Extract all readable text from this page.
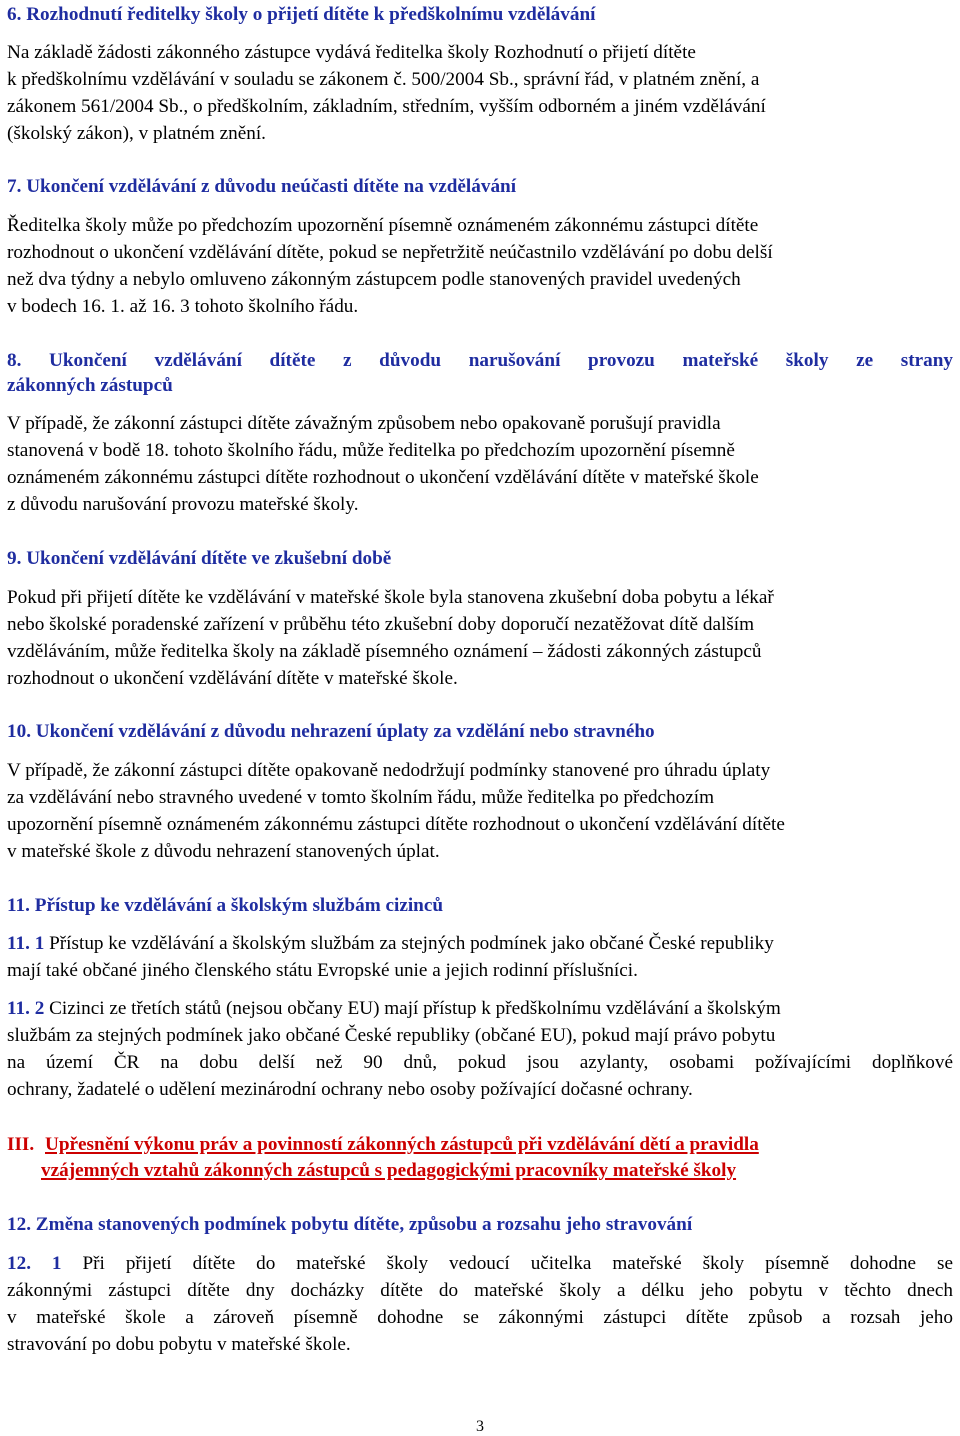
6. Rozhodnutí ředitelky školy o přijetí dítěte k předškolnímu vzdělávání
Na základě žádosti zákonného zástupce vydává ředitelka školy Rozhodnutí o přijetí dítěte
k předškolnímu vzdělávání v souladu se zákonem č. 500/2004 Sb., správní řád, v platném znění, a
zákonem 561/2004 Sb., o předškolním, základním, středním, vyšším odborném a jiném vzdělávání
(školský zákon), v platném znění.
7. Ukončení vzdělávání z důvodu neúčasti dítěte na vzdělávání
Ředitelka školy může po předchozím upozornění písemně oznámeném zákonnému zástupci dítěte
rozhodnout o ukončení vzdělávání dítěte, pokud se nepřetržitě neúčastnilo vzdělávání po dobu delší
než dva týdny a nebylo omluveno zákonným zástupcem podle stanovených pravidel uvedených
v bodech 16. 1. až 16. 3 tohoto školního řádu.
8. Ukončení vzdělávání dítěte z důvodu narušování provozu mateřské školy ze strany
zákonných zástupců
V případě, že zákonní zástupci dítěte závažným způsobem nebo opakovaně porušují pravidla
stanovená v bodě 18. tohoto školního řádu, může ředitelka po předchozím upozornění písemně
oznámeném zákonnému zástupci dítěte rozhodnout o ukončení vzdělávání dítěte v mateřské škole
z důvodu narušování provozu mateřské školy.
9. Ukončení vzdělávání dítěte ve zkušební době
Pokud při přijetí dítěte ke vzdělávání v mateřské škole byla stanovena zkušební doba pobytu a lékař
nebo školské poradenské zařízení v průběhu této zkušební doby doporučí nezatěžovat dítě dalším
vzděláváním, může ředitelka školy na základě písemného oznámení – žádosti zákonných zástupců
rozhodnout o ukončení vzdělávání dítěte v mateřské škole.
10. Ukončení vzdělávání z důvodu nehrazení úplaty za vzdělání nebo stravného
V případě, že zákonní zástupci dítěte opakovaně nedodržují podmínky stanovené pro úhradu úplaty
za vzdělávání nebo stravného uvedené v tomto školním řádu, může ředitelka po předchozím
upozornění písemně oznámeném zákonnému zástupci dítěte rozhodnout o ukončení vzdělávání dítěte
v mateřské škole z důvodu nehrazení stanovených úplat.
11. Přístup ke vzdělávání a školským službám cizinců
11. 1 Přístup ke vzdělávání a školským službám za stejných podmínek jako občané České republiky
mají také občané jiného členského státu Evropské unie a jejich rodinní příslušníci.
11. 2 Cizinci ze třetích států (nejsou občany EU) mají přístup k předškolnímu vzdělávání a školským
službám za stejných podmínek jako občané České republiky (občané EU), pokud mají právo pobytu
na území ČR na dobu delší než 90 dnů, pokud jsou azylanty, osobami požívajícími doplňkové
ochrany, žadatelé o udělení mezinárodní ochrany nebo osoby požívající dočasné ochrany.
III. Upřesnění výkonu práv a povinností zákonných zástupců při vzdělávání dětí a pravidla
vzájemných vztahů zákonných zástupců s pedagogickými pracovníky mateřské školy
12. Změna stanovených podmínek pobytu dítěte, způsobu a rozsahu jeho stravování
12. 1 Při přijetí dítěte do mateřské školy vedoucí učitelka mateřské školy písemně dohodne se
zákonnými zástupci dítěte dny docházky dítěte do mateřské školy a délku jeho pobytu v těchto dnech
v mateřské škole a zároveň písemně dohodne se zákonnými zástupci dítěte způsob a rozsah jeho
stravování po dobu pobytu v mateřské škole.
3
